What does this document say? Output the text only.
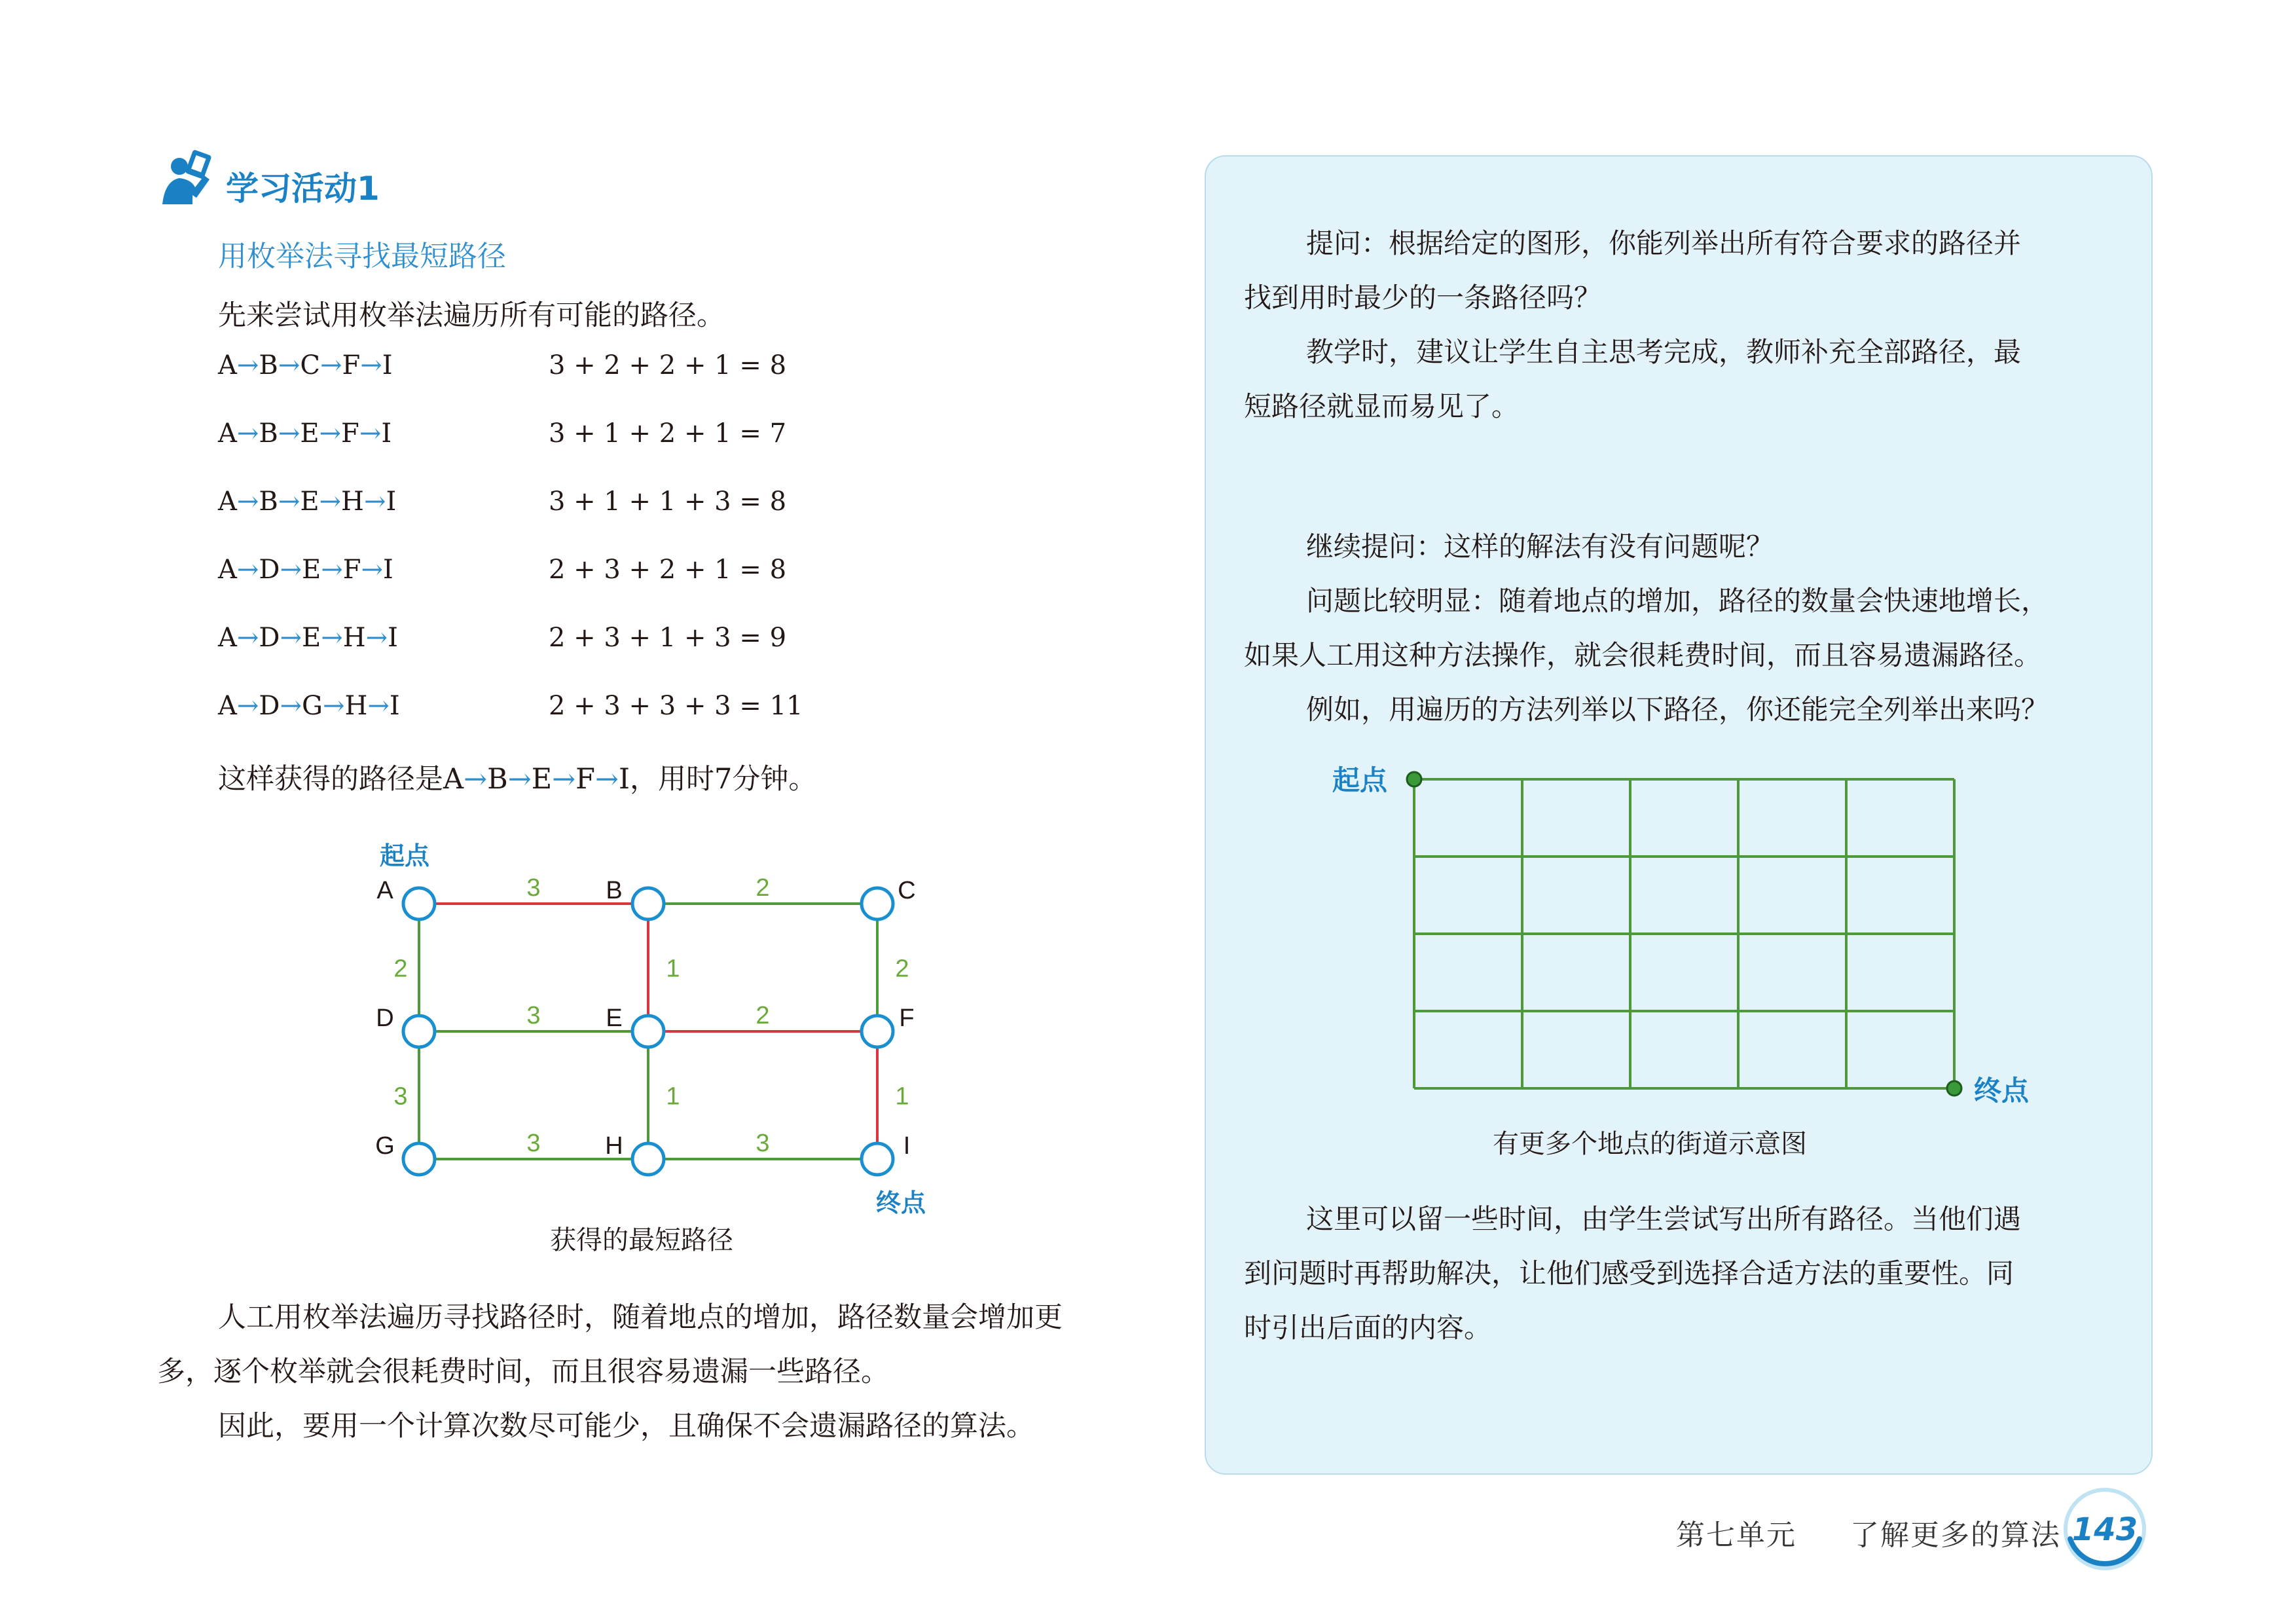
学习活动1
用枚举法寻找最短路径
先来尝试用枚举法遍历所有可能的路径。
A→B→C→F→I	3 + 2 + 2 + 1 = 8
A→B→E→F→I	3 + 1 + 2 + 1 = 7
A→B→E→H→I	3 + 1 + 1 + 3 = 8
A→D→E→F→I	2 + 3 + 2 + 1 = 8
A→D→E→H→I	2 + 3 + 1 + 3 = 9
A→D→G→H→I	2 + 3 + 3 + 3 = 11
这样获得的路径是A→B→E→F→I，用时7分钟。
3	2
3	2
3	3
2
3
1
1
2
1
A	B	C
D	E	F
G	H	I
起点
终点
获得的最短路径
人工用枚举法遍历寻找路径时，随着地点的增加，路径数量会增加更
多，逐个枚举就会很耗费时间，而且很容易遗漏一些路径。
因此，要用一个计算次数尽可能少，且确保不会遗漏路径的算法。
提问：根据给定的图形，你能列举出所有符合要求的路径并
找到用时最少的一条路径吗？
教学时，建议让学生自主思考完成，教师补充全部路径，最
短路径就显而易见了。
继续提问：这样的解法有没有问题呢？
问题比较明显：随着地点的增加，路径的数量会快速地增长，
如果人工用这种方法操作，就会很耗费时间，而且容易遗漏路径。
例如，用遍历的方法列举以下路径，你还能完全列举出来吗？
起点
终点
有更多个地点的街道示意图
这里可以留一些时间，由学生尝试写出所有路径。当他们遇
到问题时再帮助解决，让他们感受到选择合适方法的重要性。同
时引出后面的内容。
第七单元 了解更多的算法 143
